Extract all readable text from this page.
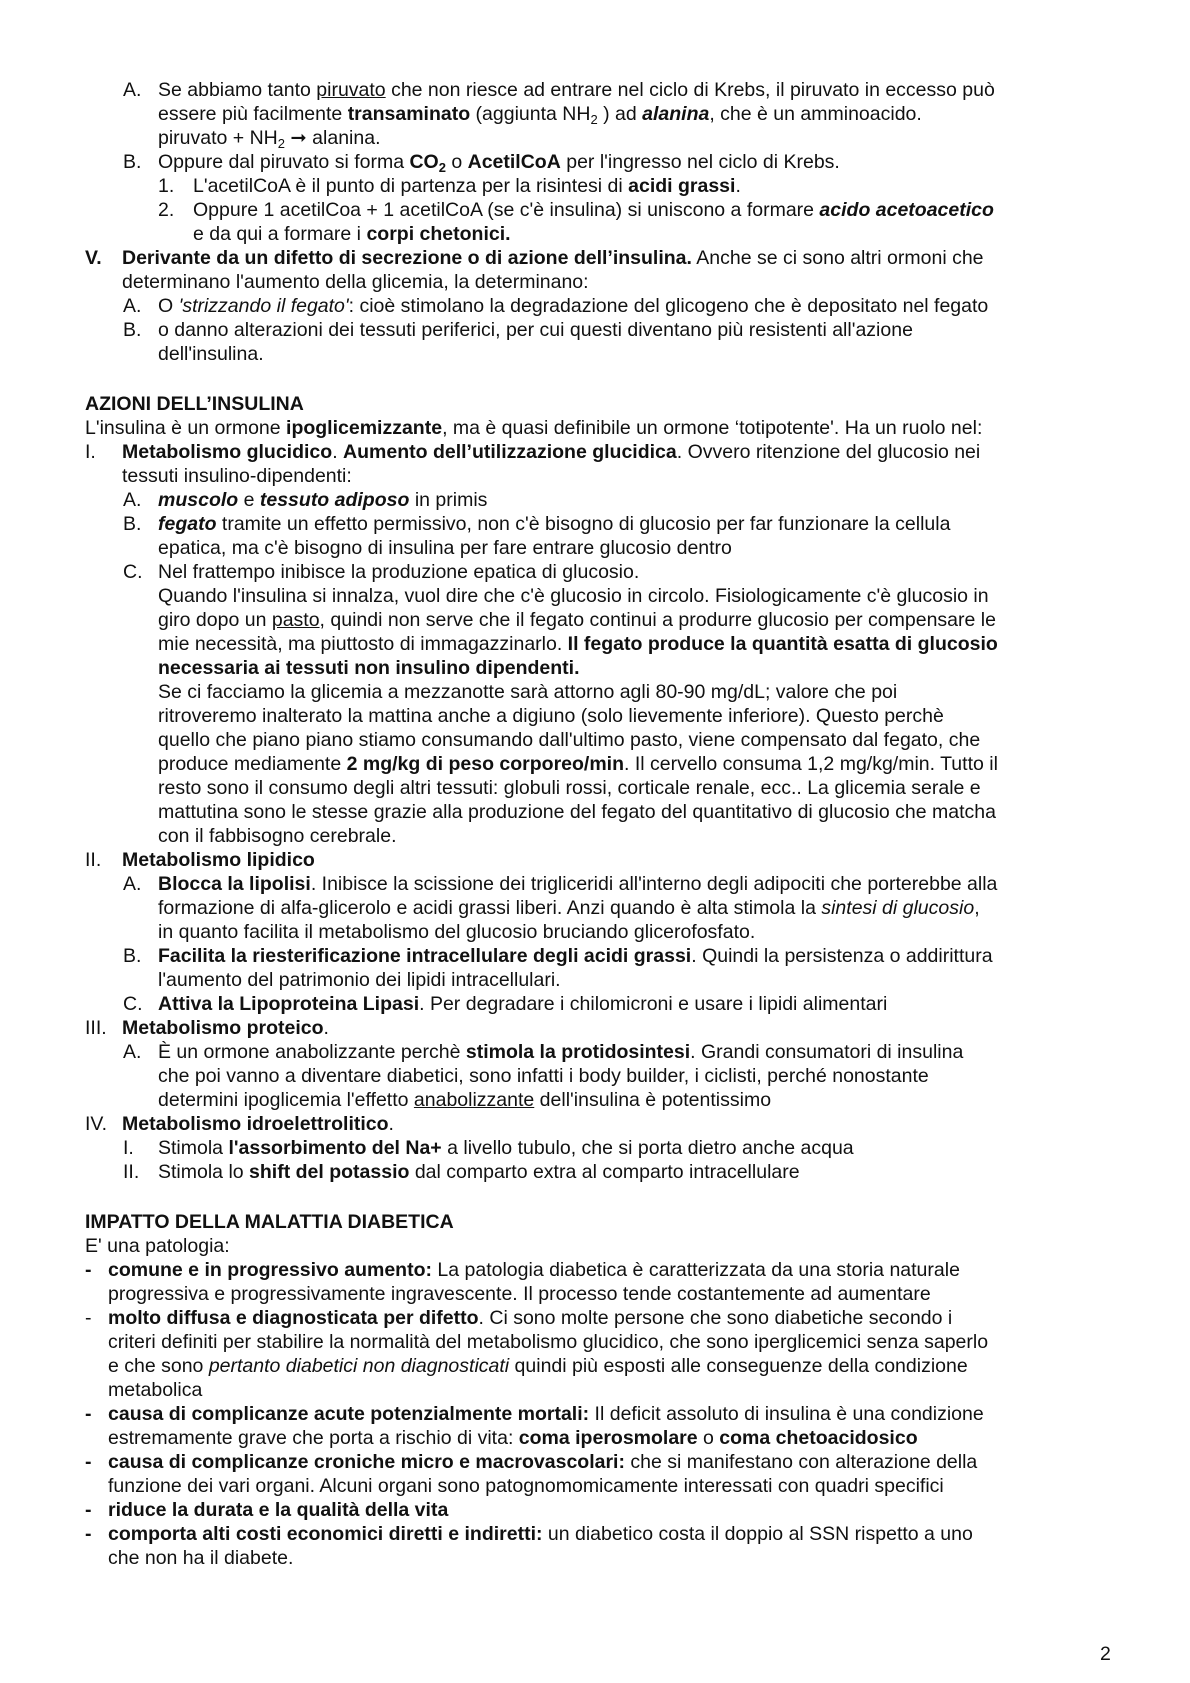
A. Se abbiamo tanto piruvato che non riesce ad entrare nel ciclo di Krebs, il piruvato in eccesso può
essere più facilmente transaminato (aggiunta $NH_2$ ) ad alanina, che è un amminoacido.
piruvato + $NH_2$ ➞ alanina.
B. Oppure dal piruvato si forma $CO_2$ o AcetilCoA per l'ingresso nel ciclo di Krebs.
1. L'acetilCoA è il punto di partenza per la risintesi di acidi grassi.
2. Oppure 1 acetilCoa + 1 acetilCoA (se c'è insulina) si uniscono a formare acido acetoacetico
e da qui a formare i corpi chetonici.
V. Derivante da un difetto di secrezione o di azione dell’insulina. Anche se ci sono altri ormoni che
determinano l'aumento della glicemia, la determinano:
A. O 'strizzando il fegato': cioè stimolano la degradazione del glicogeno che è depositato nel fegato
B. o danno alterazioni dei tessuti periferici, per cui questi diventano più resistenti all'azione
dell'insulina.
AZIONI DELL’INSULINA
L'insulina è un ormone ipoglicemizzante, ma è quasi definibile un ormone ‘totipotente'. Ha un ruolo nel:
I. Metabolismo glucidico. Aumento dell’utilizzazione glucidica. Ovvero ritenzione del glucosio nei
tessuti insulino-dipendenti:
A. muscolo e tessuto adiposo in primis
B. fegato tramite un effetto permissivo, non c'è bisogno di glucosio per far funzionare la cellula
epatica, ma c'è bisogno di insulina per fare entrare glucosio dentro
C. Nel frattempo inibisce la produzione epatica di glucosio.
Quando l'insulina si innalza, vuol dire che c'è glucosio in circolo. Fisiologicamente c'è glucosio in
giro dopo un pasto, quindi non serve che il fegato continui a produrre glucosio per compensare le
mie necessità, ma piuttosto di immagazzinarlo. Il fegato produce la quantità esatta di glucosio
necessaria ai tessuti non insulino dipendenti.
Se ci facciamo la glicemia a mezzanotte sarà attorno agli 80-90 mg/dL; valore che poi
ritroveremo inalterato la mattina anche a digiuno (solo lievemente inferiore). Questo perchè
quello che piano piano stiamo consumando dall'ultimo pasto, viene compensato dal fegato, che
produce mediamente 2 mg/kg di peso corporeo/min. Il cervello consuma 1,2 mg/kg/min. Tutto il
resto sono il consumo degli altri tessuti: globuli rossi, corticale renale, ecc.. La glicemia serale e
mattutina sono le stesse grazie alla produzione del fegato del quantitativo di glucosio che matcha
con il fabbisogno cerebrale.
II. Metabolismo lipidico
A. Blocca la lipolisi. Inibisce la scissione dei trigliceridi all'interno degli adipociti che porterebbe alla
formazione di alfa-glicerolo e acidi grassi liberi. Anzi quando è alta stimola la sintesi di glucosio,
in quanto facilita il metabolismo del glucosio bruciando glicerofosfato.
B. Facilita la riesterificazione intracellulare degli acidi grassi. Quindi la persistenza o addirittura
l'aumento del patrimonio dei lipidi intracellulari.
C. Attiva la Lipoproteina Lipasi. Per degradare i chilomicroni e usare i lipidi alimentari
III. Metabolismo proteico.
A. È un ormone anabolizzante perchè stimola la protidosintesi. Grandi consumatori di insulina
che poi vanno a diventare diabetici, sono infatti i body builder, i ciclisti, perché nonostante
determini ipoglicemia l'effetto anabolizzante dell'insulina è potentissimo
IV. Metabolismo idroelettrolitico.
I. Stimola l'assorbimento del Na+ a livello tubulo, che si porta dietro anche acqua
II. Stimola lo shift del potassio dal comparto extra al comparto intracellulare
IMPATTO DELLA MALATTIA DIABETICA
E' una patologia:
- comune e in progressivo aumento: La patologia diabetica è caratterizzata da una storia naturale
progressiva e progressivamente ingravescente. Il processo tende costantemente ad aumentare
- molto diffusa e diagnosticata per difetto. Ci sono molte persone che sono diabetiche secondo i
criteri definiti per stabilire la normalità del metabolismo glucidico, che sono iperglicemici senza saperlo
e che sono pertanto diabetici non diagnosticati quindi più esposti alle conseguenze della condizione
metabolica
- causa di complicanze acute potenzialmente mortali: Il deficit assoluto di insulina è una condizione
estremamente grave che porta a rischio di vita: coma iperosmolare o coma chetoacidosico
- causa di complicanze croniche micro e macrovascolari: che si manifestano con alterazione della
funzione dei vari organi. Alcuni organi sono patognomomicamente interessati con quadri specifici
- riduce la durata e la qualità della vita
- comporta alti costi economici diretti e indiretti: un diabetico costa il doppio al SSN rispetto a uno
che non ha il diabete.
2
